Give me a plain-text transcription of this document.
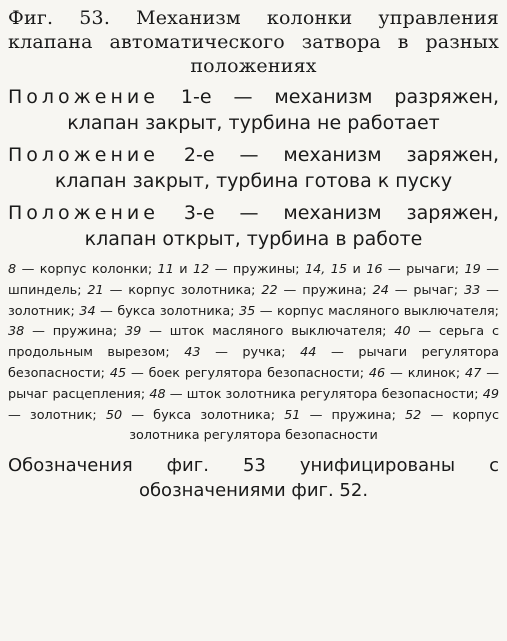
Фиг. 53. Механизм колонки управления клапана автоматического затвора в разных положениях

Положение 1-е — механизм разряжен, клапан закрыт, турбина не работает
Положение 2-е — механизм заряжен, клапан закрыт, турбина готова к пуску
Положение 3-е — механизм заряжен, клапан открыт, турбина в работе
8 — корпус колонки; 11 и 12 — пружины; 14, 15 и 16 — рычаги; 19 — шпиндель; 21 — корпус золотника; 22 — пружина; 24 — рычаг; 33 — золотник; 34 — букса золотника; 35 — корпус масляного выключателя; 38 — пружина; 39 — шток масляного выключателя; 40 — серьга с продольным вырезом; 43 — ручка; 44 — рычаги регулятора безопасности; 45 — боек регулятора безопасности; 46 — клинок; 47 — рычаг расцепления; 48 — шток золотника регулятора безопасности; 49 — золотник; 50 — букса золотника; 51 — пружина; 52 — корпус золотника регулятора безопасности
Обозначения фиг. 53 унифицированы с обозначениями фиг. 52.
